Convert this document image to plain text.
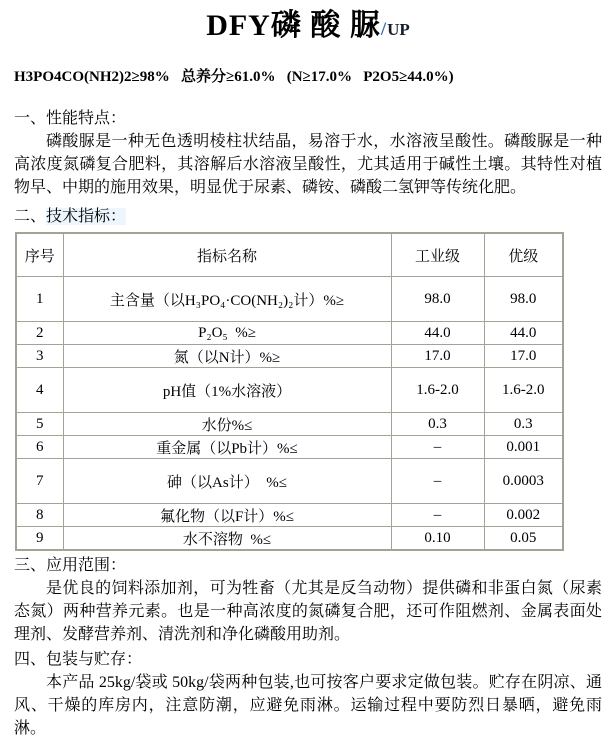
DFY磷 酸 脲/UP
H3PO4CO(NH2)2≥98%   总养分≥61.0%   (N≥17.0%   P2O5≥44.0%)
一、性能特点：

磷酸脲是一种无色透明棱柱状结晶，易溶于水，水溶液呈酸性。磷酸脲是一种高浓度氮磷复合肥料，其溶解后水溶液呈酸性，尤其适用于碱性土壤。其特性对植物早、中期的施用效果，明显优于尿素、磷铵、磷酸二氢钾等传统化肥。

二、技术指标：
序号	指标名称	工业级	优级
1	主含量（以H₃PO₄·CO(NH₂)₂计）%≥	98.0	98.0
2	P₂O₅  %≥	44.0	44.0
3	氮（以N计）%≥	17.0	17.0
4	pH值（1%水溶液）	1.6-2.0	1.6-2.0
5	水份%≤	0.3	0.3
6	重金属（以Pb计）%≤	–	0.001
7	砷（以As计）  %≤	–	0.0003
8	氟化物（以F计）%≤	–	0.002
9	水不溶物  %≤	0.10	0.05
三、应用范围：

是优良的饲料添加剂，可为牲畜（尤其是反刍动物）提供磷和非蛋白氮（尿素态氮）两种营养元素。也是一种高浓度的氮磷复合肥，还可作阻燃剂、金属表面处理剂、发酵营养剂、清洗剂和净化磷酸用助剂。

四、包装与贮存：

本产品 25kg/袋或 50kg/袋两种包装,也可按客户要求定做包装。贮存在阴凉、通风、干燥的库房内，注意防潮，应避免雨淋。运输过程中要防烈日暴晒，避免雨淋。
